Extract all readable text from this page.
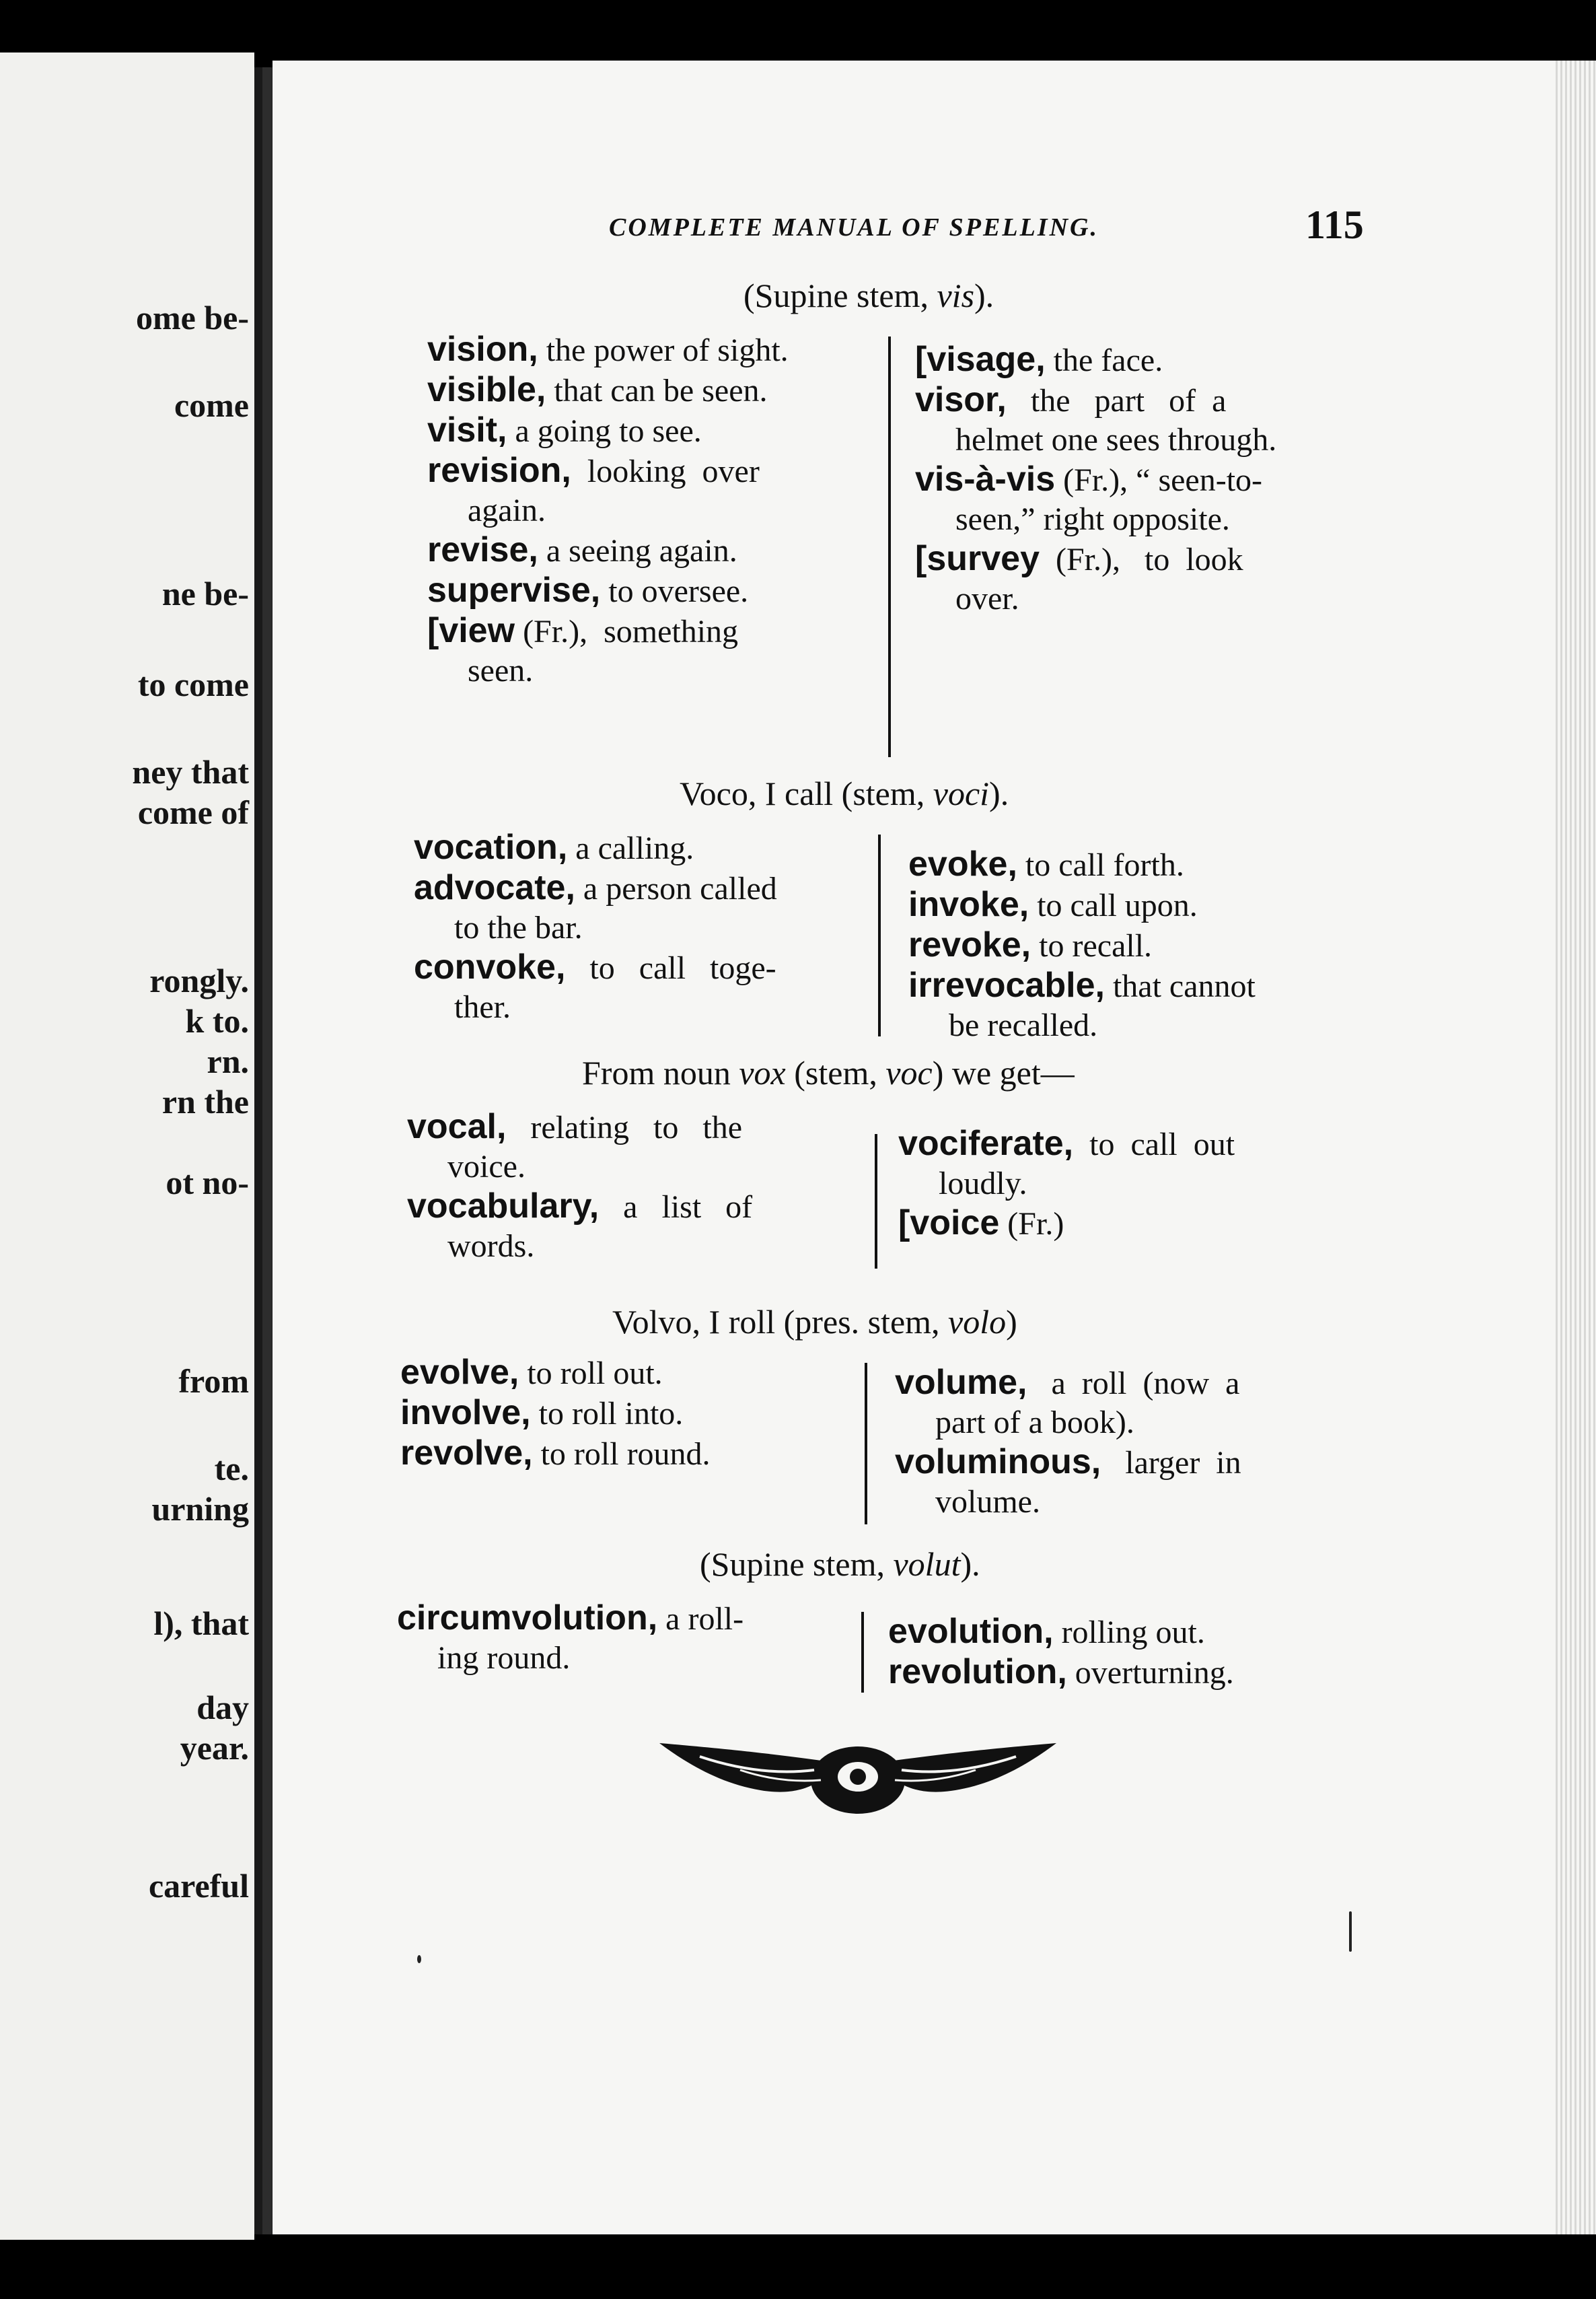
ome be-
come
ne be-
to come
ney that
come of
rongly.
k to.
rn.
rn the
ot no-
from
te.
urning
l), that
day
year.
careful
COMPLETE MANUAL OF SPELLING.	115
(Supine stem, vis).
vision, the power of sight.
visible, that can be seen.
visit, a going to see.
revision,  looking  over
again.
revise, a seeing again.
supervise, to oversee.
[view (Fr.),  something
seen.
[visage, the face.
visor,   the   part   of  a
helmet one sees through.
vis-à-vis (Fr.), “ seen-to-
seen,” right opposite.
[survey  (Fr.),   to  look
over.
Voco, I call (stem, voci).
vocation, a calling.
advocate, a person called
to the bar.
convoke,   to   call   toge-
ther.
evoke, to call forth.
invoke, to call upon.
revoke, to recall.
irrevocable, that cannot
be recalled.
From noun vox (stem, voc) we get—
vocal,   relating   to   the
voice.
vocabulary,   a   list   of
words.
vociferate,  to  call  out
loudly.
[voice (Fr.)
Volvo, I roll (pres. stem, volo)
evolve, to roll out.
involve, to roll into.
revolve, to roll round.
volume,   a  roll  (now  a
part of a book).
voluminous,   larger  in
volume.
(Supine stem, volut).
circumvolution, a roll-
ing round.
evolution, rolling out.
revolution, overturning.
